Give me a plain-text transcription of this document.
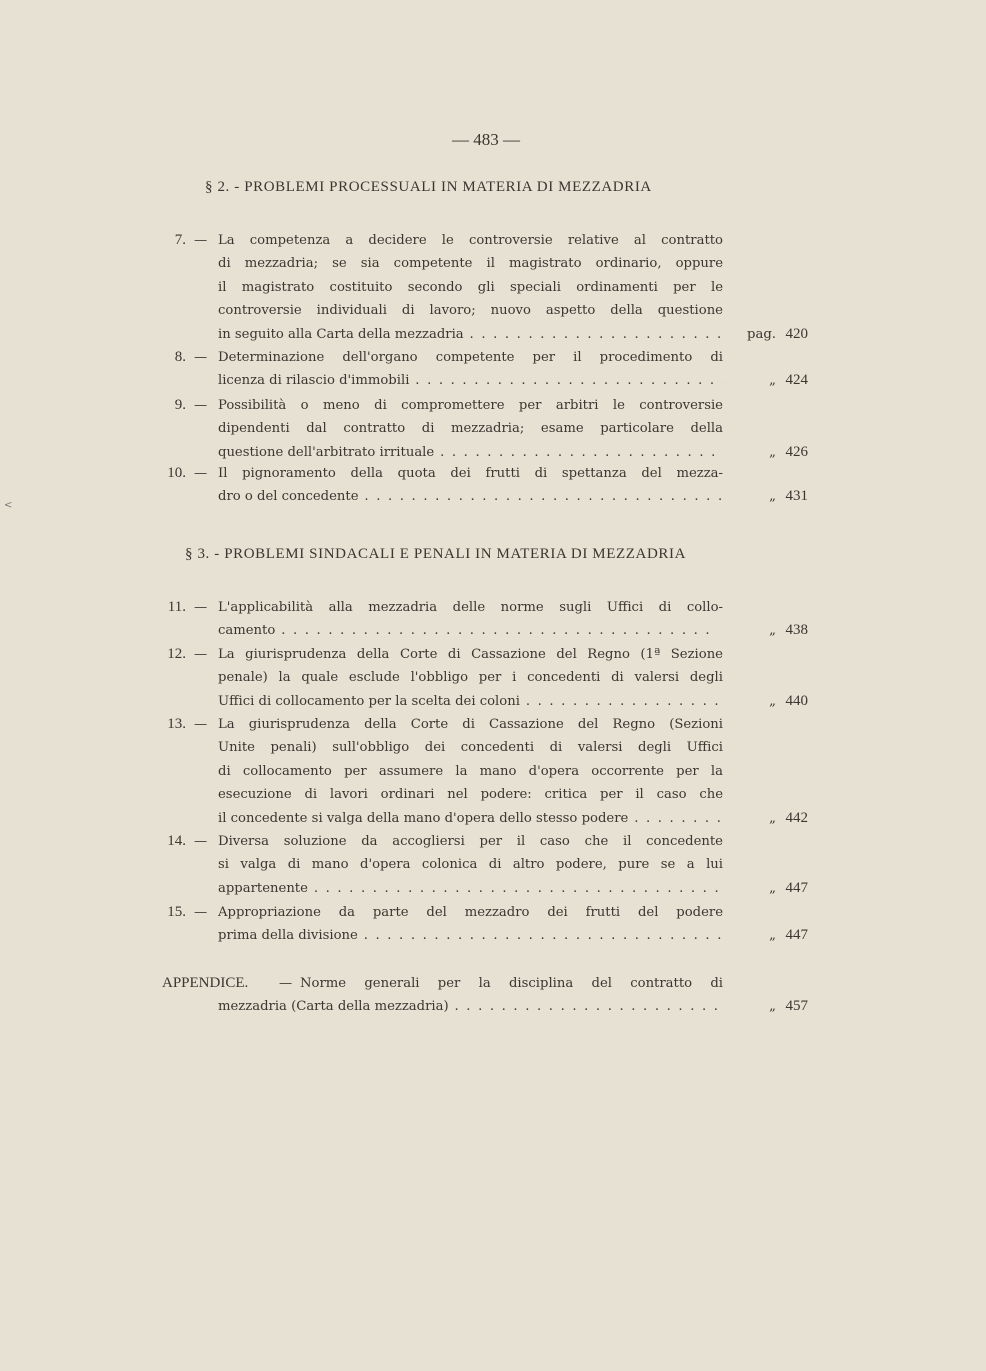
— 483 —
§ 2. - PROBLEMI PROCESSUALI IN MATERIA DI MEZZADRIA
7. — La competenza a decidere le controversie relative al contratto
di mezzadria; se sia competente il magistrato ordinario, oppure
il magistrato costituito secondo gli speciali ordinamenti per le
controversie individuali di lavoro; nuovo aspetto della questione
in seguito alla Carta della mezzadria . .	pag. 420
8. — Determinazione dell'organo competente per il procedimento di
licenza di rilascio d'immobili . .	„ 424
9. — Possibilità o meno di compromettere per arbitri le controversie
dipendenti dal contratto di mezzadria; esame particolare della
questione dell'arbitrato irrituale . .	„ 426
10. — Il pignoramento della quota dei frutti di spettanza del mezza-
dro o del concedente . .	„ 431
§ 3. - PROBLEMI SINDACALI E PENALI IN MATERIA DI MEZZADRIA
11. — L'applicabilità alla mezzadria delle norme sugli Uffici di collo-
camento . .	„ 438
12. — La giurisprudenza della Corte di Cassazione del Regno (1ª Sezione
penale) la quale esclude l'obbligo per i concedenti di valersi degli
Uffici di collocamento per la scelta dei coloni . .	„ 440
13. — La giurisprudenza della Corte di Cassazione del Regno (Sezioni
Unite penali) sull'obbligo dei concedenti di valersi degli Uffici
di collocamento per assumere la mano d'opera occorrente per la
esecuzione di lavori ordinari nel podere: critica per il caso che
il concedente si valga della mano d'opera dello stesso podere . .	„ 442
14. — Diversa soluzione da accogliersi per il caso che il concedente
si valga di mano d'opera colonica di altro podere, pure se a lui
appartenente . .	„ 447
15. — Appropriazione da parte del mezzadro dei frutti del podere
prima della divisione . .	„ 447
APPENDICE. — Norme generali per la disciplina del contratto di
mezzadria (Carta della mezzadria) . .	„ 457
<
